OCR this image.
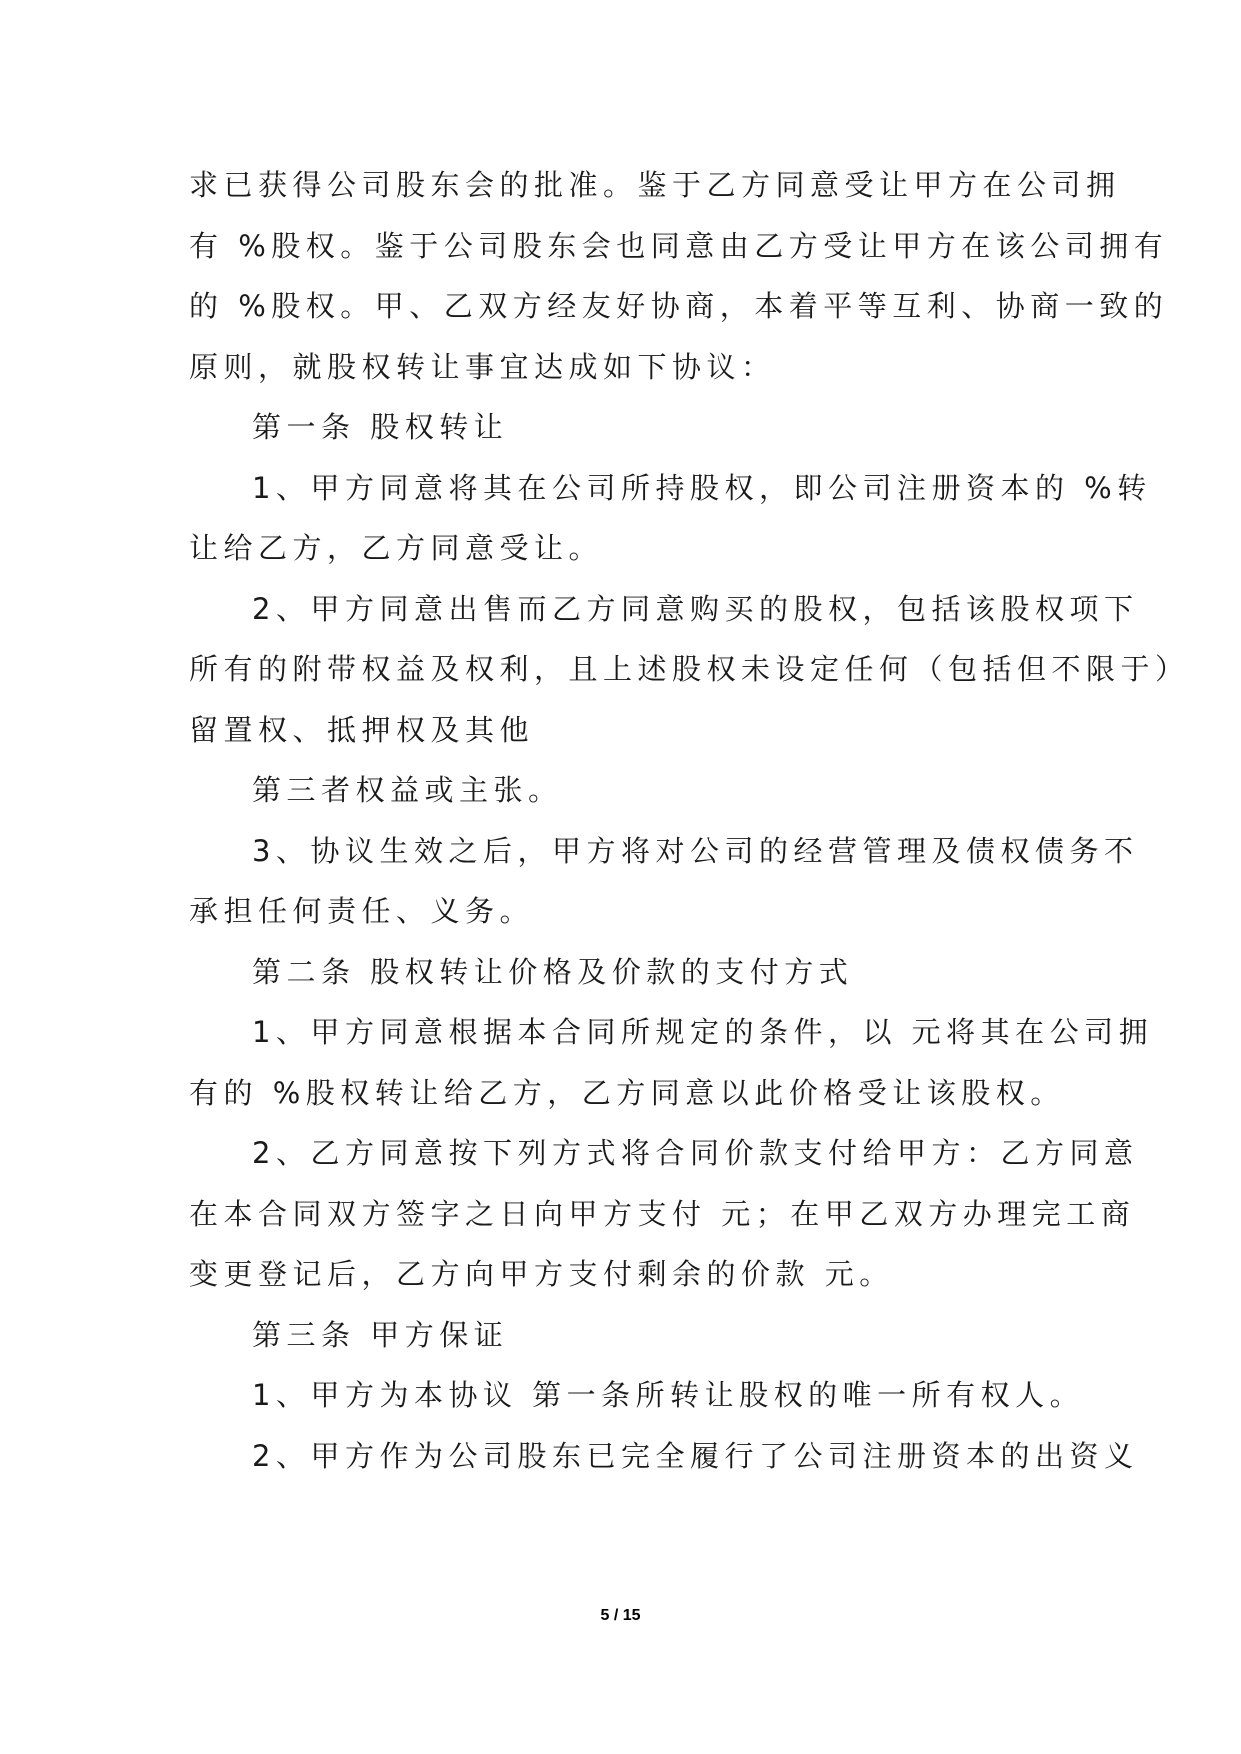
求已获得公司股东会的批准。鉴于乙方同意受让甲方在公司拥
有 %股权。鉴于公司股东会也同意由乙方受让甲方在该公司拥有
的 %股权。甲、乙双方经友好协商，本着平等互利、协商一致的
原则，就股权转让事宜达成如下协议：
第一条 股权转让
1、甲方同意将其在公司所持股权，即公司注册资本的 %转
让给乙方，乙方同意受让。
2、甲方同意出售而乙方同意购买的股权，包括该股权项下
所有的附带权益及权利，且上述股权未设定任何（包括但不限于）
留置权、抵押权及其他
第三者权益或主张。
3、协议生效之后，甲方将对公司的经营管理及债权债务不
承担任何责任、义务。
第二条 股权转让价格及价款的支付方式
1、甲方同意根据本合同所规定的条件，以 元将其在公司拥
有的 %股权转让给乙方，乙方同意以此价格受让该股权。
2、乙方同意按下列方式将合同价款支付给甲方：乙方同意
在本合同双方签字之日向甲方支付 元；在甲乙双方办理完工商
变更登记后，乙方向甲方支付剩余的价款 元。
第三条 甲方保证
1、甲方为本协议 第一条所转让股权的唯一所有权人。
2、甲方作为公司股东已完全履行了公司注册资本的出资义
5 / 15
